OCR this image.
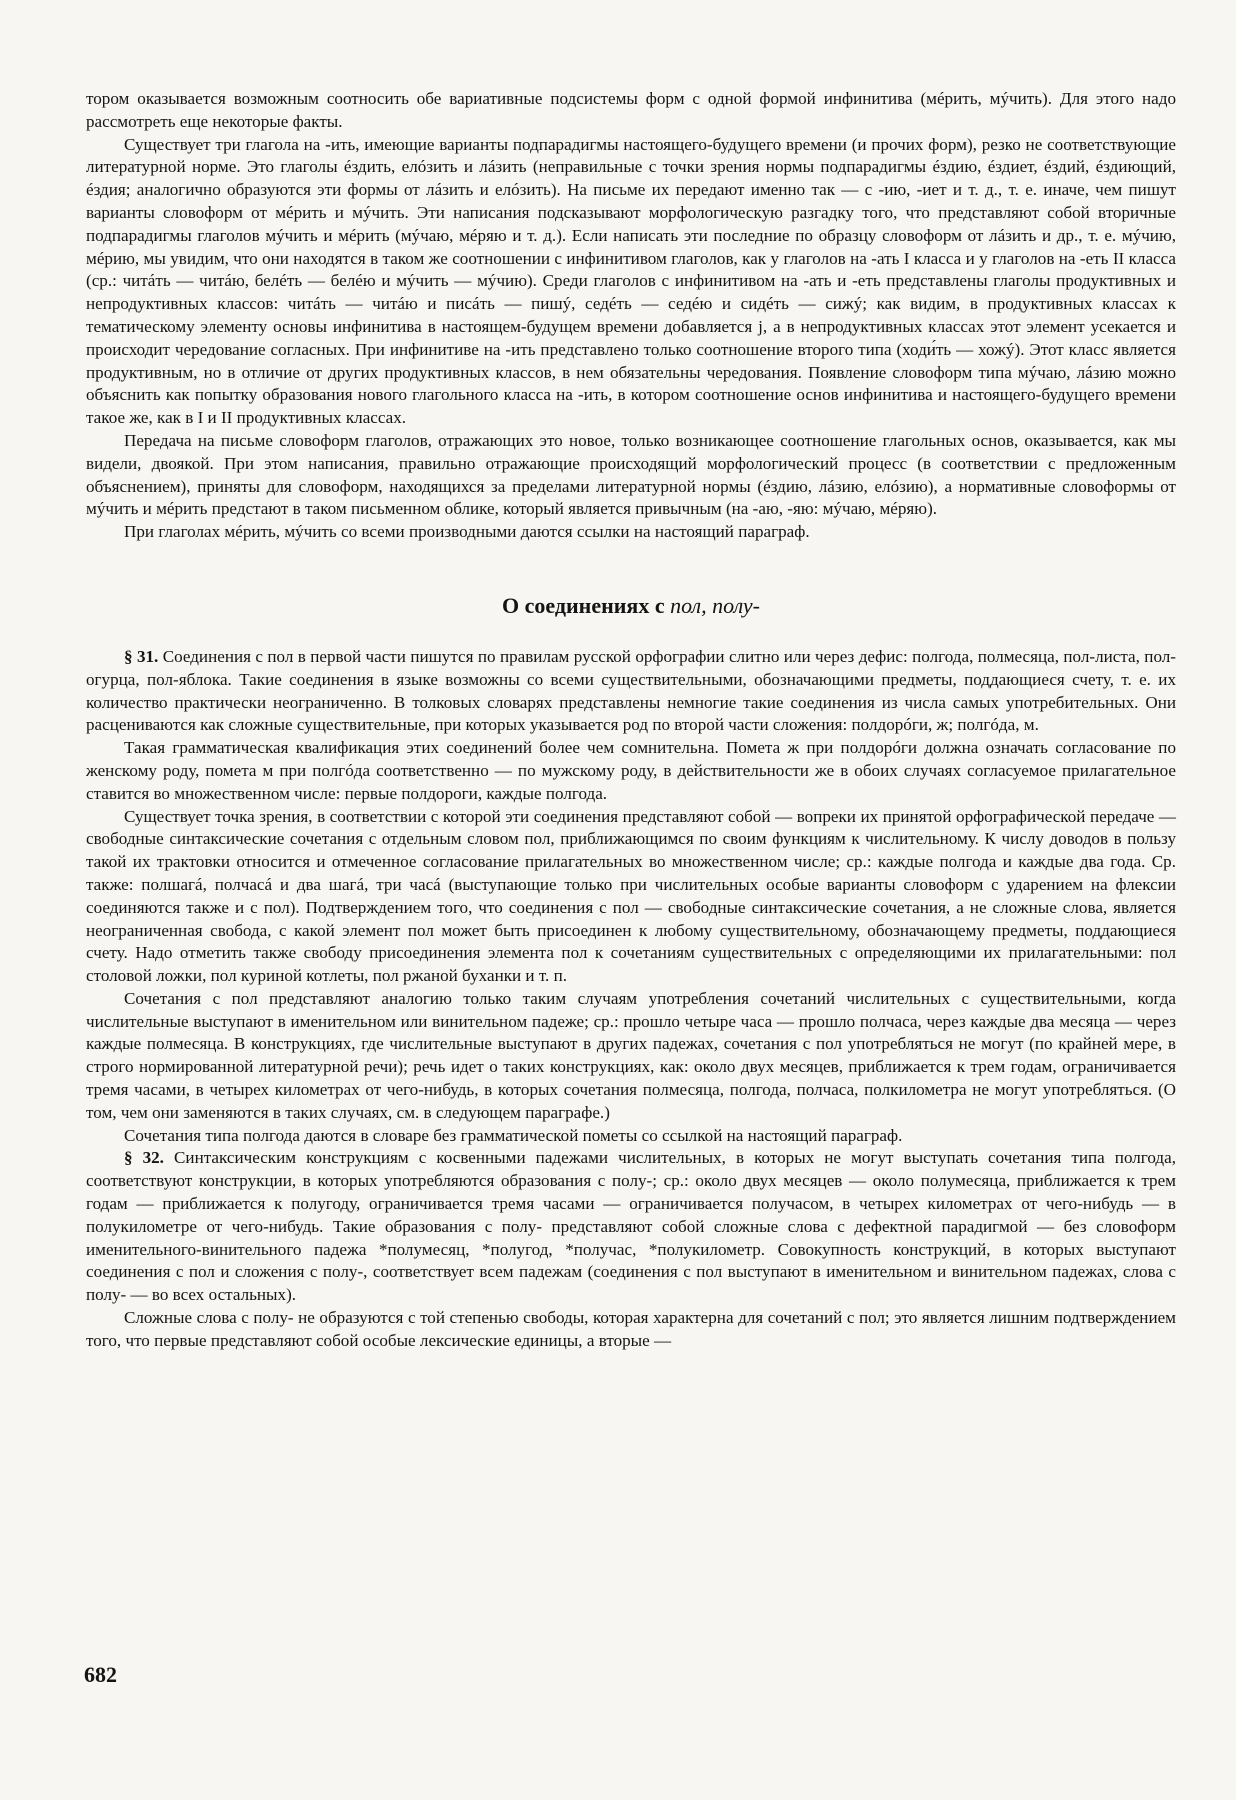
тором оказывается возможным соотносить обе вариативные подсистемы форм с одной формой инфинитива (мéрить, мýчить). Для этого надо рассмотреть еще некоторые факты.

Существует три глагола на -ить, имеющие варианты подпарадигмы настоящего-будущего времени (и прочих форм), резко не соответствующие литературной норме. Это глаголы éздить, елóзить и лáзить (неправильные с точки зрения нормы подпарадигмы éздию, éздиет, éздий, éздиющий, éздия; аналогично образуются эти формы от лáзить и елóзить). На письме их передают именно так — с -ию, -иет и т. д., т. е. иначе, чем пишут варианты словоформ от мéрить и мýчить. Эти написания подсказывают морфологическую разгадку того, что представляют собой вторичные подпарадигмы глаголов мýчить и мéрить (мýчаю, мéряю и т. д.). Если написать эти последние по образцу словоформ от лáзить и др., т. е. мýчию, мéрию, мы увидим, что они находятся в таком же соотношении с инфинитивом глаголов, как у глаголов на -ать I класса и у глаголов на -еть II класса (ср.: читáть — читáю, белéть — белéю и мýчить — мýчию). Среди глаголов с инфинитивом на -ать и -еть представлены глаголы продуктивных и непродуктивных классов: читáть — читáю и писáть — пишý, седéть — седéю и сидéть — сижý; как видим, в продуктивных классах к тематическому элементу основы инфинитива в настоящем-будущем времени добавляется j, а в непродуктивных классах этот элемент усекается и происходит чередование согласных. При инфинитиве на -ить представлено только соотношение второго типа (ходи́ть — хожý). Этот класс является продуктивным, но в отличие от других продуктивных классов, в нем обязательны чередования. Появление словоформ типа мýчаю, лáзию можно объяснить как попытку образования нового глагольного класса на -ить, в котором соотношение основ инфинитива и настоящего-будущего времени такое же, как в I и II продуктивных классах.

Передача на письме словоформ глаголов, отражающих это новое, только возникающее соотношение глагольных основ, оказывается, как мы видели, двоякой. При этом написания, правильно отражающие происходящий морфологический процесс (в соответствии с предложенным объяснением), приняты для словоформ, находящихся за пределами литературной нормы (éздию, лáзию, елóзию), а нормативные словоформы от мýчить и мéрить предстают в таком письменном облике, который является привычным (на -аю, -яю: мýчаю, мéряю).

При глаголах мéрить, мýчить со всеми производными даются ссылки на настоящий параграф.

О соединениях с пол, полу-

§ 31. Соединения с пол в первой части пишутся по правилам русской орфографии слитно или через дефис: полгода, полмесяца, пол-листа, пол-огурца, пол-яблока. Такие соединения в языке возможны со всеми существительными, обозначающими предметы, поддающиеся счету, т. е. их количество практически неограниченно. В толковых словарях представлены немногие такие соединения из числа самых употребительных. Они расцениваются как сложные существительные, при которых указывается род по второй части сложения: полдорóги, ж; полгóда, м.

Такая грамматическая квалификация этих соединений более чем сомнительна. Помета ж при полдорóги должна означать согласование по женскому роду, помета м при полгóда соответственно — по мужскому роду, в действительности же в обоих случаях согласуемое прилагательное ставится во множественном числе: первые полдороги, каждые полгода.

Существует точка зрения, в соответствии с которой эти соединения представляют собой — вопреки их принятой орфографической передаче — свободные синтаксические сочетания с отдельным словом пол, приближающимся по своим функциям к числительному. К числу доводов в пользу такой их трактовки относится и отмеченное согласование прилагательных во множественном числе; ср.: каждые полгода и каждые два года. Ср. также: полшагá, полчасá и два шагá, три часá (выступающие только при числительных особые варианты словоформ с ударением на флексии соединяются также и с пол). Подтверждением того, что соединения с пол — свободные синтаксические сочетания, а не сложные слова, является неограниченная свобода, с какой элемент пол может быть присоединен к любому существительному, обозначающему предметы, поддающиеся счету. Надо отметить также свободу присоединения элемента пол к сочетаниям существительных с определяющими их прилагательными: пол столовой ложки, пол куриной котлеты, пол ржаной буханки и т. п.

Сочетания с пол представляют аналогию только таким случаям употребления сочетаний числительных с существительными, когда числительные выступают в именительном или винительном падеже; ср.: прошло четыре часа — прошло полчаса, через каждые два месяца — через каждые полмесяца. В конструкциях, где числительные выступают в других падежах, сочетания с пол употребляться не могут (по крайней мере, в строго нормированной литературной речи); речь идет о таких конструкциях, как: около двух месяцев, приближается к трем годам, ограничивается тремя часами, в четырех километрах от чего-нибудь, в которых сочетания полмесяца, полгода, полчаса, полкилометра не могут употребляться. (О том, чем они заменяются в таких случаях, см. в следующем параграфе.)

Сочетания типа полгода даются в словаре без грамматической пометы со ссылкой на настоящий параграф.

§ 32. Синтаксическим конструкциям с косвенными падежами числительных, в которых не могут выступать сочетания типа полгода, соответствуют конструкции, в которых употребляются образования с полу-; ср.: около двух месяцев — около полумесяца, приближается к трем годам — приближается к полугоду, ограничивается тремя часами — ограничивается получасом, в четырех километрах от чего-нибудь — в полукилометре от чего-нибудь. Такие образования с полу- представляют собой сложные слова с дефектной парадигмой — без словоформ именительного-винительного падежа *полумесяц, *полугод, *получас, *полукилометр. Совокупность конструкций, в которых выступают соединения с пол и сложения с полу-, соответствует всем падежам (соединения с пол выступают в именительном и винительном падежах, слова с полу- — во всех остальных).

Сложные слова с полу- не образуются с той степенью свободы, которая характерна для сочетаний с пол; это является лишним подтверждением того, что первые представляют собой особые лексические единицы, а вторые —

682
